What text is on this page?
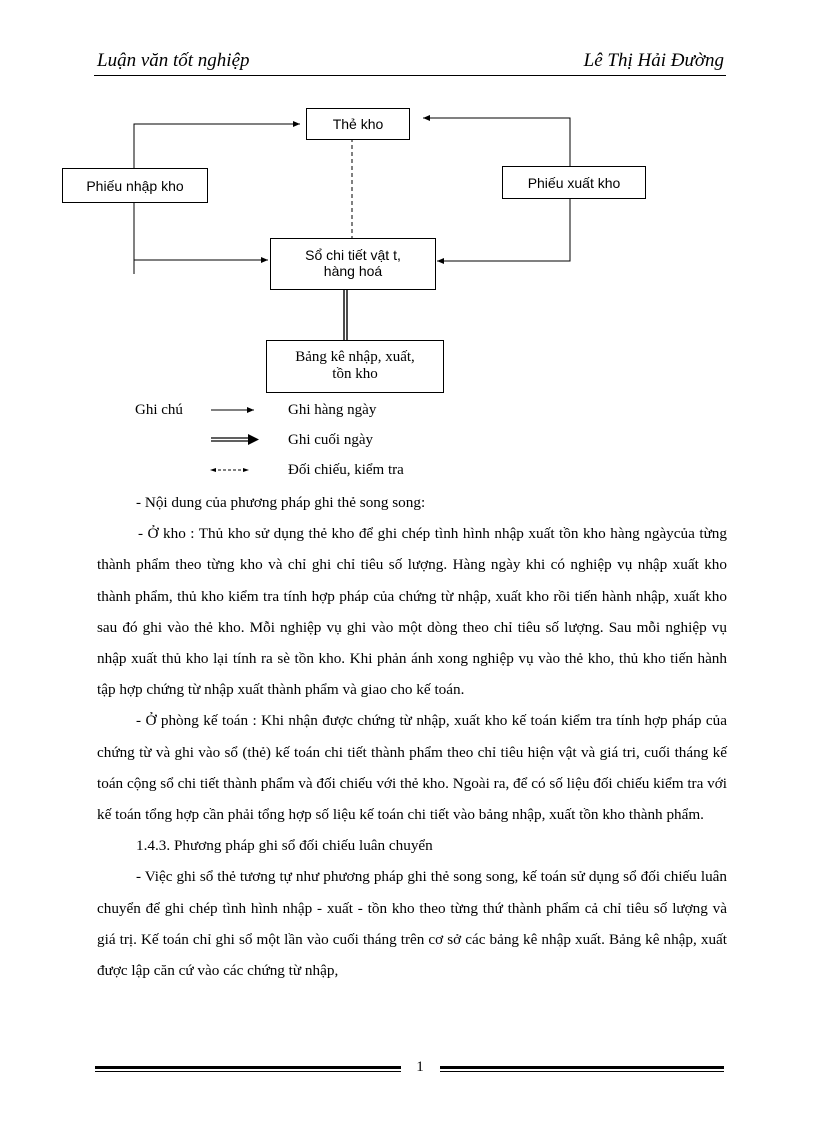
Luận văn tốt nghiệp	Lê Thị Hải Đường
Thẻ kho
Phiếu nhập kho	Phiếu xuất kho
Sổ chi tiết vật t,
hàng hoá
Bảng kê nhập, xuất,
tồn kho
Ghi chú	Ghi hàng ngày
Ghi cuối ngày
Đối chiếu, kiểm tra

- Nội dung của phương pháp ghi thẻ song song:

- Ở kho : Thủ kho sử dụng thẻ kho để ghi chép tình hình nhập xuất tồn kho hàng ngàycủa từng thành phẩm theo từng kho và chỉ ghi chỉ tiêu số lượng. Hàng ngày khi có nghiệp vụ nhập xuất kho thành phẩm, thủ kho kiểm tra tính hợp pháp của chứng từ nhập, xuất kho rồi tiến hành nhập, xuất kho sau đó ghi vào thẻ kho. Mỗi nghiệp vụ ghi vào một dòng theo chỉ tiêu số lượng. Sau mỗi nghiệp vụ nhập xuất thủ kho lại tính ra sè tồn kho. Khi phản ánh xong nghiệp vụ vào thẻ kho, thủ kho tiến hành tập hợp chứng từ nhập xuất thành phẩm và giao cho kế toán.

- Ở phòng kế toán : Khi nhận được chứng từ nhập, xuất kho kế toán kiểm tra tính hợp pháp của chứng từ và ghi vào sổ (thẻ) kế toán chi tiết thành phẩm theo chỉ tiêu hiện vật và giá tri, cuối tháng kế toán cộng sổ chi tiết thành phẩm và đối chiếu với thẻ kho. Ngoài ra, để có số liệu đối chiếu kiểm tra với kế toán tổng hợp cần phải tổng hợp số liệu kế toán chi tiết vào bảng nhập, xuất tồn kho thành phẩm.

1.4.3. Phương pháp ghi sổ đối chiếu luân chuyển

- Việc ghi sổ thẻ tương tự như phương pháp ghi thẻ song song, kế toán sử dụng sổ đối chiếu luân chuyển để ghi chép tình hình nhập - xuất - tồn kho theo từng thứ thành phẩm cả chỉ tiêu số lượng và giá trị. Kế toán chỉ ghi sổ một lần vào cuối tháng trên cơ sở các bảng kê nhập xuất. Bảng kê nhập, xuất được lập căn cứ vào các chứng từ nhập,

1
